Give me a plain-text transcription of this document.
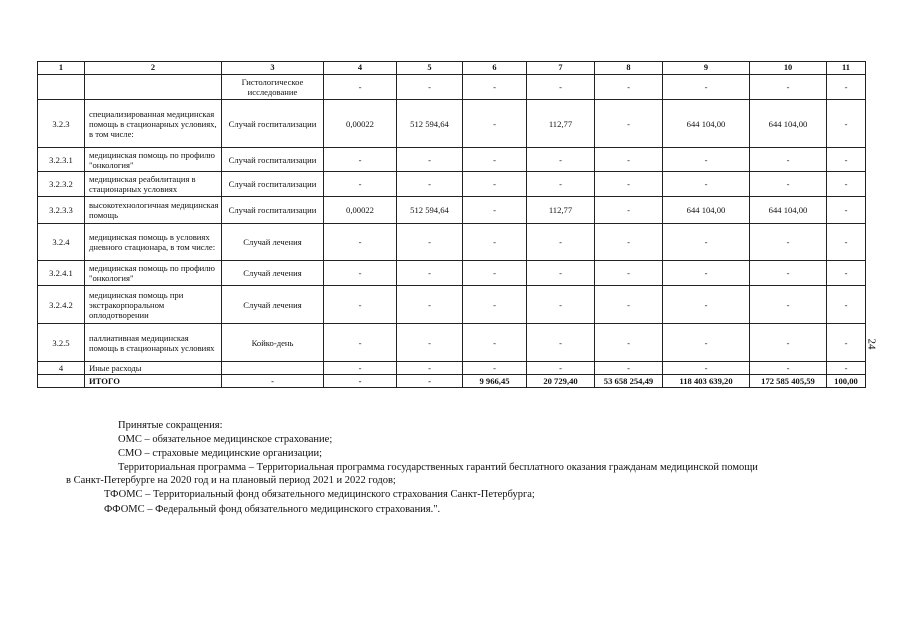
1	2	3	4	5	6	7	8	9	10	11
		Гистологическое исследование	-	-	-	-	-	-	-	-
3.2.3	специализированная медицинская помощь в стационарных условиях, в том числе:	Случай госпитализации	0,00022	512 594,64	-	112,77	-	644 104,00	644 104,00	-
3.2.3.1	медицинская помощь по профилю "онкология"	Случай госпитализации	-	-	-	-	-	-	-	-
3.2.3.2	медицинская реабилитация в стационарных условиях	Случай госпитализации	-	-	-	-	-	-	-	-
3.2.3.3	высокотехнологичная медицинская помощь	Случай госпитализации	0,00022	512 594,64	-	112,77	-	644 104,00	644 104,00	-
3.2.4	медицинская помощь в условиях дневного стационара, в том числе:	Случай лечения	-	-	-	-	-	-	-	-
3.2.4.1	медицинская помощь по профилю "онкология"	Случай лечения	-	-	-	-	-	-	-	-
3.2.4.2	медицинская помощь при экстракорпоральном оплодотворении	Случай лечения	-	-	-	-	-	-	-	-
3.2.5	паллиативная медицинская помощь в стационарных условиях	Койко-день	-	-	-	-	-	-	-	-
4	Иные расходы		-	-	-	-	-	-	-	-
	ИТОГО	-	-	-	9 966,45	20 729,40	53 658 254,49	118 403 639,20	172 585 405,59	100,00
24
Принятые сокращения:
ОМС – обязательное медицинское страхование;
СМО – страховые медицинские организации;
Территориальная программа – Территориальная программа государственных гарантий бесплатного оказания гражданам медицинской помощи
в Санкт-Петербурге на 2020 год и на плановый период 2021 и 2022 годов;
ТФОМС – Территориальный фонд обязательного медицинского страхования Санкт-Петербурга;
ФФОМС – Федеральный фонд обязательного медицинского страхования.".
